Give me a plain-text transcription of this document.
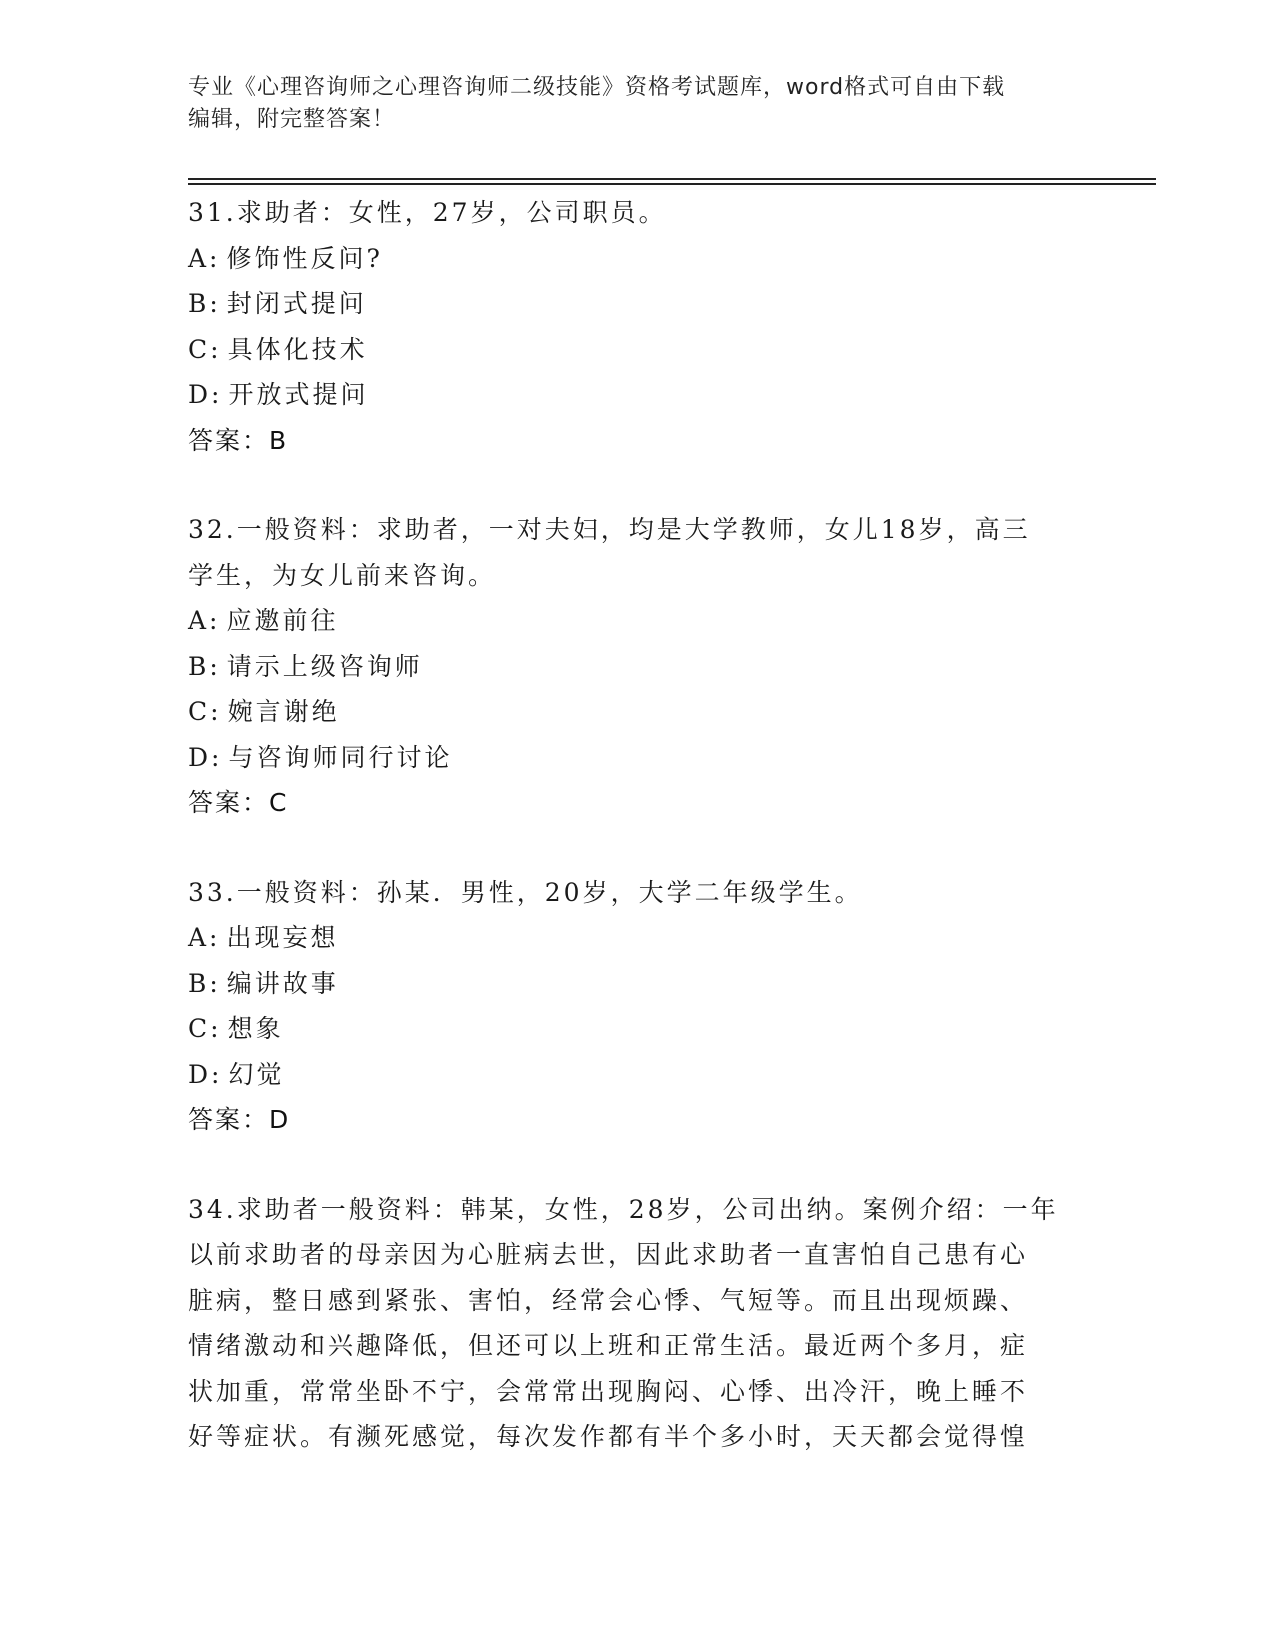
专业《心理咨询师之心理咨询师二级技能》资格考试题库，word格式可自由下载
编辑，附完整答案！
31.求助者：女性，27岁，公司职员。
A: 修饰性反问?
B: 封闭式提问
C: 具体化技术
D: 开放式提问
答案：B
32.一般资料：求助者，一对夫妇，均是大学教师，女儿18岁，高三
学生，为女儿前来咨询。
A: 应邀前往
B: 请示上级咨询师
C: 婉言谢绝
D: 与咨询师同行讨论
答案：C
33.一般资料：孙某．男性，20岁，大学二年级学生。
A: 出现妄想
B: 编讲故事
C: 想象
D: 幻觉
答案：D
34.求助者一般资料：韩某，女性，28岁，公司出纳。案例介绍：一年
以前求助者的母亲因为心脏病去世，因此求助者一直害怕自己患有心
脏病，整日感到紧张、害怕，经常会心悸、气短等。而且出现烦躁、
情绪激动和兴趣降低，但还可以上班和正常生活。最近两个多月，症
状加重，常常坐卧不宁，会常常出现胸闷、心悸、出冷汗，晚上睡不
好等症状。有濒死感觉，每次发作都有半个多小时，天天都会觉得惶
